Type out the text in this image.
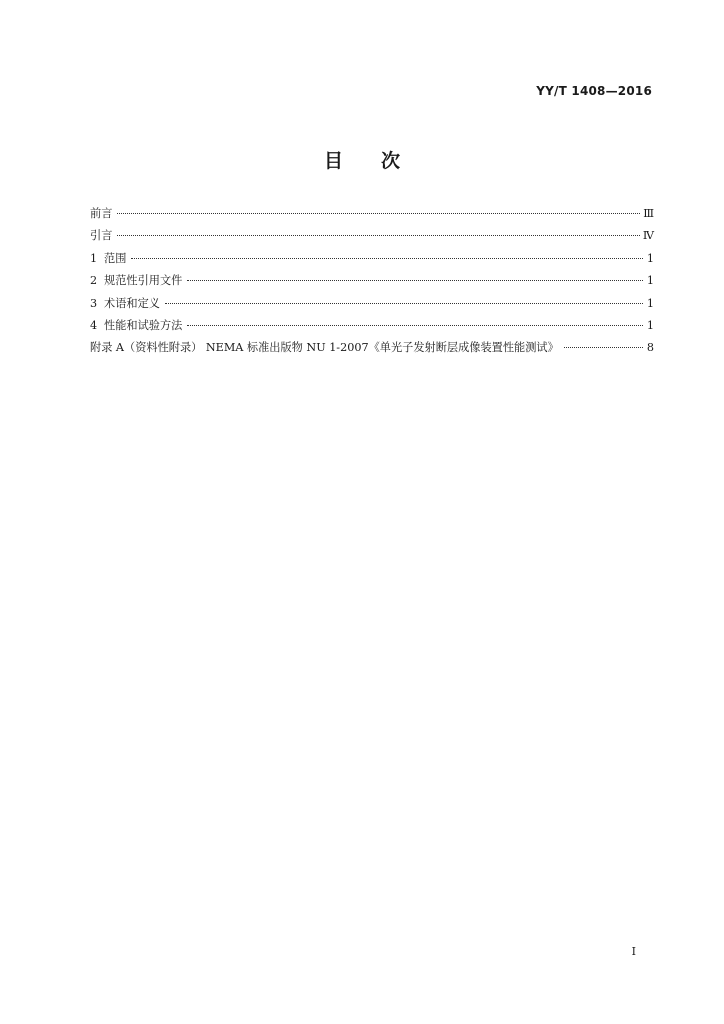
YY/T 1408—2016
目次
前言	Ⅲ
引言	Ⅳ
1 范围	1
2 规范性引用文件	1
3 术语和定义	1
4 性能和试验方法	1
附录 A（资料性附录） NEMA 标准出版物 NU 1-2007《单光子发射断层成像装置性能测试》	8
I
